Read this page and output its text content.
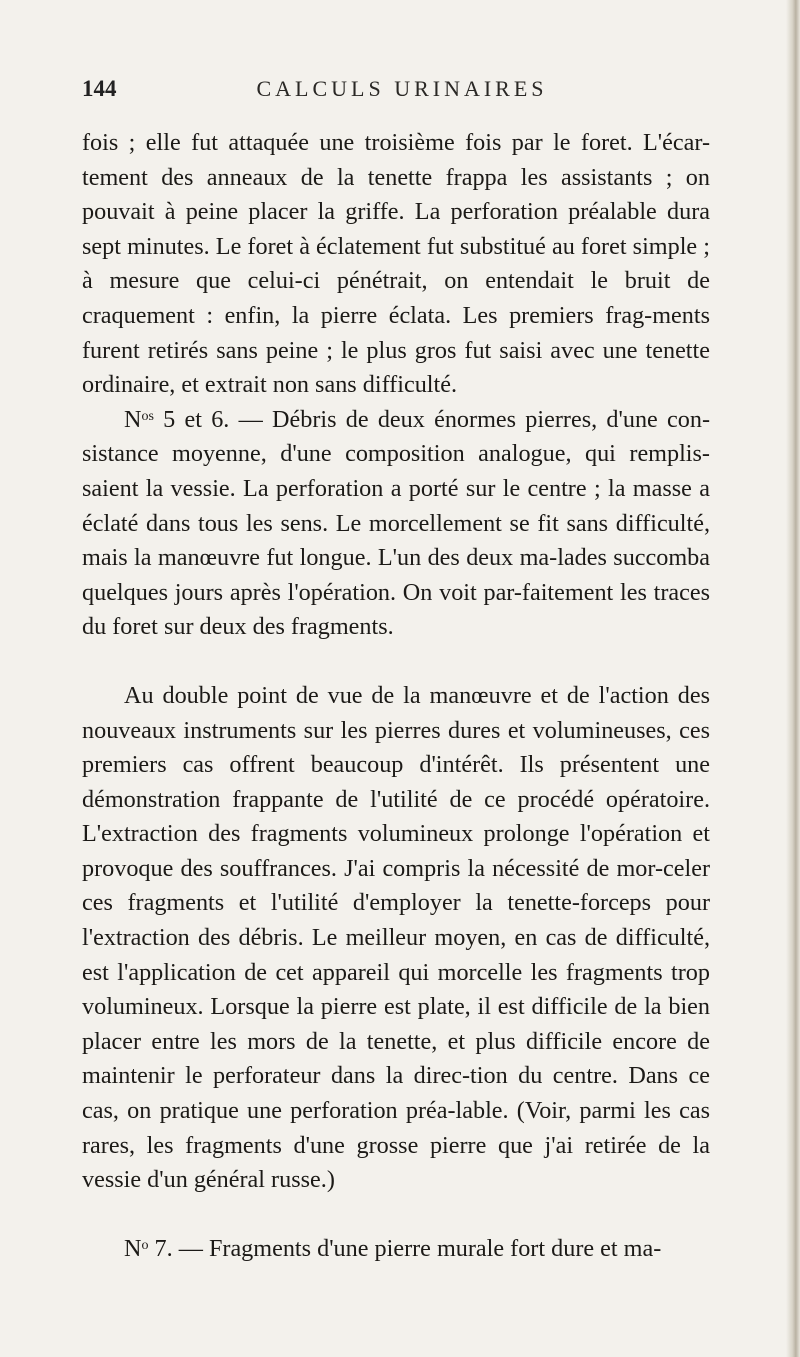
144	CALCULS URINAIRES

fois ; elle fut attaquée une troisième fois par le foret. L'écar-tement des anneaux de la tenette frappa les assistants ; on pouvait à peine placer la griffe. La perforation préalable dura sept minutes. Le foret à éclatement fut substitué au foret simple ; à mesure que celui-ci pénétrait, on entendait le bruit de craquement : enfin, la pierre éclata. Les premiers frag-ments furent retirés sans peine ; le plus gros fut saisi avec une tenette ordinaire, et extrait non sans difficulté.

$N^{os}$ 5 et 6. — Débris de deux énormes pierres, d'une con-sistance moyenne, d'une composition analogue, qui remplis-saient la vessie. La perforation a porté sur le centre ; la masse a éclaté dans tous les sens. Le morcellement se fit sans difficulté, mais la manœuvre fut longue. L'un des deux ma-lades succomba quelques jours après l'opération. On voit par-faitement les traces du foret sur deux des fragments.

Au double point de vue de la manœuvre et de l'action des nouveaux instruments sur les pierres dures et volumineuses, ces premiers cas offrent beaucoup d'intérêt. Ils présentent une démonstration frappante de l'utilité de ce procédé opératoire. L'extraction des fragments volumineux prolonge l'opération et provoque des souffrances. J'ai compris la nécessité de mor-celer ces fragments et l'utilité d'employer la tenette-forceps pour l'extraction des débris. Le meilleur moyen, en cas de difficulté, est l'application de cet appareil qui morcelle les fragments trop volumineux. Lorsque la pierre est plate, il est difficile de la bien placer entre les mors de la tenette, et plus difficile encore de maintenir le perforateur dans la direc-tion du centre. Dans ce cas, on pratique une perforation préa-lable. (Voir, parmi les cas rares, les fragments d'une grosse pierre que j'ai retirée de la vessie d'un général russe.)

$N^o$ 7. — Fragments d'une pierre murale fort dure et ma-
